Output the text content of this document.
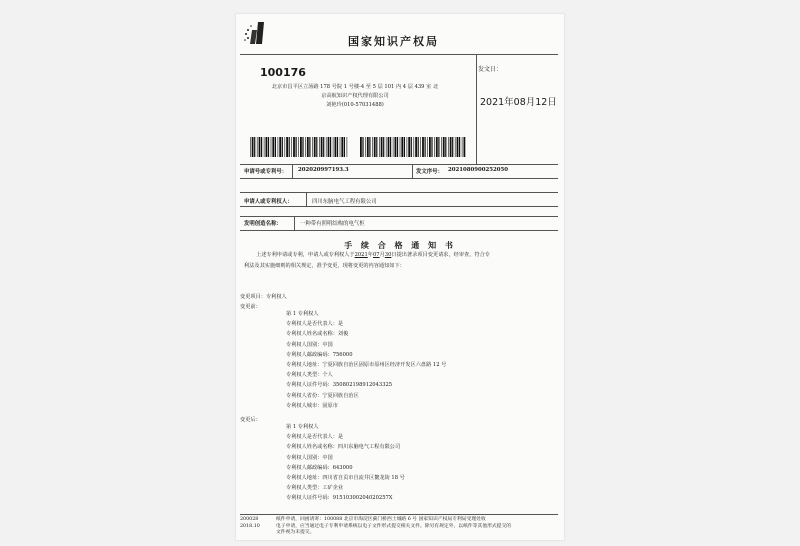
国家知识产权局
100176
北京市昌平区立汤路 178 号院 1 号楼-4 至 5 层 101 内 4 层 439 室 北
京高航知识产权代理有限公司
刘艳玲(010-57031488)
发文日：
2021年08月12日
申请号或专利号： 202020997193.3	发文序号： 2021080900252050
申请人或专利权人：	四川东脑电气工程有限公司
发明创造名称：	一种带有照明结构的电气柜
手 续 合 格 通 知 书
上述专利申请或专利，申请人或专利权人于2021年07月30日提出著录项目变更请求，经审查，符合专
利法及其实施细则的相关规定，准予变更，现将变更的内容通知如下：
变更项目：专利权人
变更前：
第 1 专利权人
专利权人是否代表人：是
专利权人姓名或名称：刘俊
专利权人国别：中国
专利权人邮政编码：756000
专利权人地址：宁夏回族自治区固原市原州区经济开发区六盘路 12 号
专利权人类型：个人
专利权人证件号码：350802198912043325
专利权人省份：宁夏回族自治区
专利权人城市：固原市
变更后：
第 1 专利权人
专利权人是否代表人：是
专利权人姓名或名称：四川东脑电气工程有限公司
专利权人国别：中国
专利权人邮政编码：643000
专利权人地址：四川省自贡市自流井区鳌龙街 18 号
专利权人类型：工矿企业
专利权人证件号码：91510300204020257X
200028
2018.10
纸件申请，回函请寄：100088 北京市海淀区蓟门桥西土城路 6 号 国家知识产权局专利局受理处收
电子申请，应当通过电子专利申请系统以电子文件形式提交相关文件。除另有规定外，以纸件等其他形式提交的
文件视为未提交。
